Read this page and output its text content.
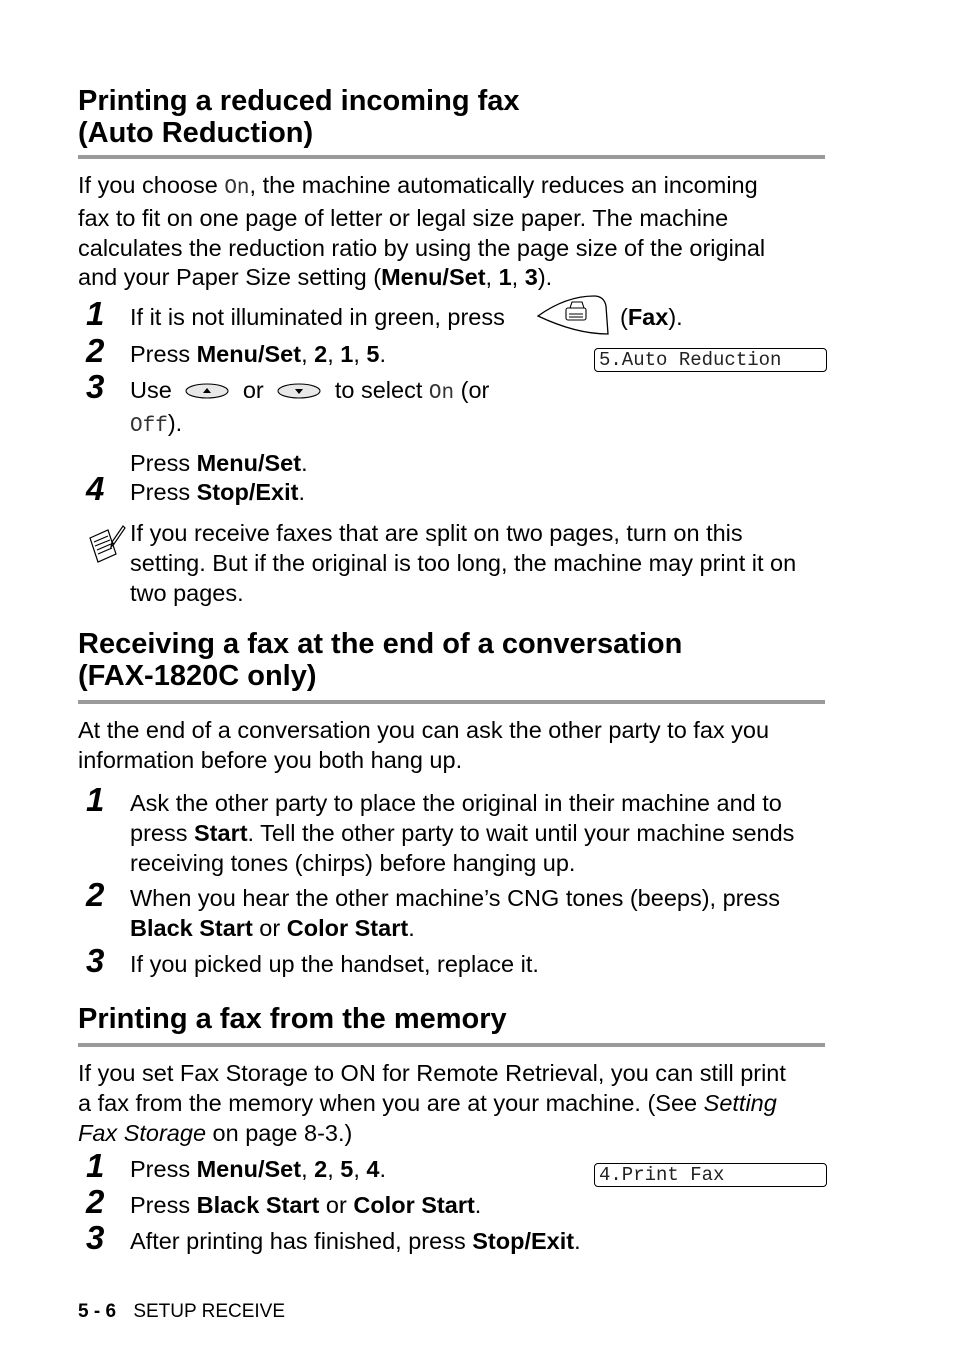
Printing a reduced incoming fax
(Auto Reduction)
If you choose On, the machine automatically reduces an incoming
fax to fit on one page of letter or legal size paper. The machine
calculates the reduction ratio by using the page size of the original
and your Paper Size setting (Menu/Set, 1, 3).
1 If it is not illuminated in green, press	(Fax).
2 Press Menu/Set, 2, 1, 5.	5.Auto Reduction
3 Use	or	to select On (or
Off).
Press Menu/Set.
4 Press Stop/Exit.
If you receive faxes that are split on two pages, turn on this
setting. But if the original is too long, the machine may print it on
two pages.
Receiving a fax at the end of a conversation
(FAX-1820C only)
At the end of a conversation you can ask the other party to fax you
information before you both hang up.
1 Ask the other party to place the original in their machine and to
press Start. Tell the other party to wait until your machine sends
receiving tones (chirps) before hanging up.
2 When you hear the other machine’s CNG tones (beeps), press
Black Start or Color Start.
3 If you picked up the handset, replace it.
Printing a fax from the memory
If you set Fax Storage to ON for Remote Retrieval, you can still print
a fax from the memory when you are at your machine. (See Setting
Fax Storage on page 8-3.)
1 Press Menu/Set, 2, 5, 4.	4.Print Fax
2 Press Black Start or Color Start.
3 After printing has finished, press Stop/Exit.
5 - 6 SETUP RECEIVE
